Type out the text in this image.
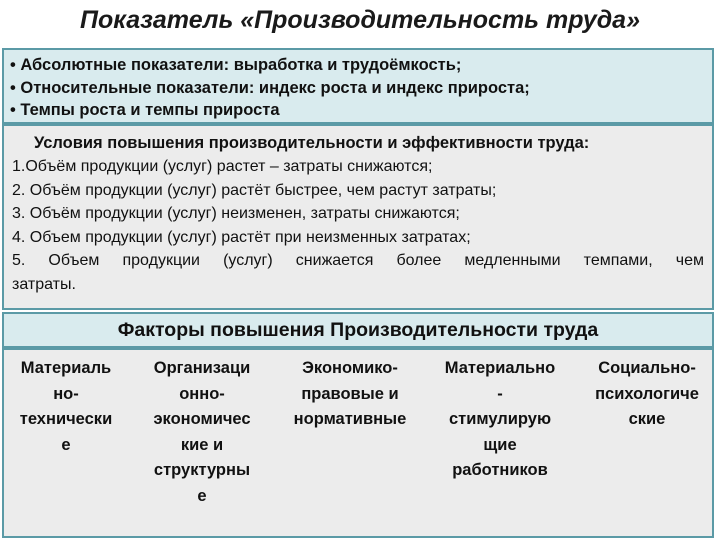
Показатель «Производительность труда»
• Абсолютные показатели: выработка и трудоёмкость;
• Относительные показатели: индекс роста и индекс прироста;
• Темпы роста и темпы прироста
Условия повышения производительности и эффективности труда:
1.Объём продукции (услуг) растет – затраты снижаются;
2. Объём продукции (услуг) растёт быстрее, чем растут затраты;
3. Объём продукции (услуг) неизменен, затраты снижаются;
4. Объем продукции (услуг) растёт при неизменных затратах;
5. Объем продукции (услуг) снижается более медленными темпами, чем
затраты.
Факторы повышения Производительности труда
Материаль
но-
технически
е
Организаци
онно-
экономичес
кие и
структурны
е
Экономико-
правовые и
нормативные
Материально
-
стимулирую
щие
работников
Социально-
психологиче
ские
